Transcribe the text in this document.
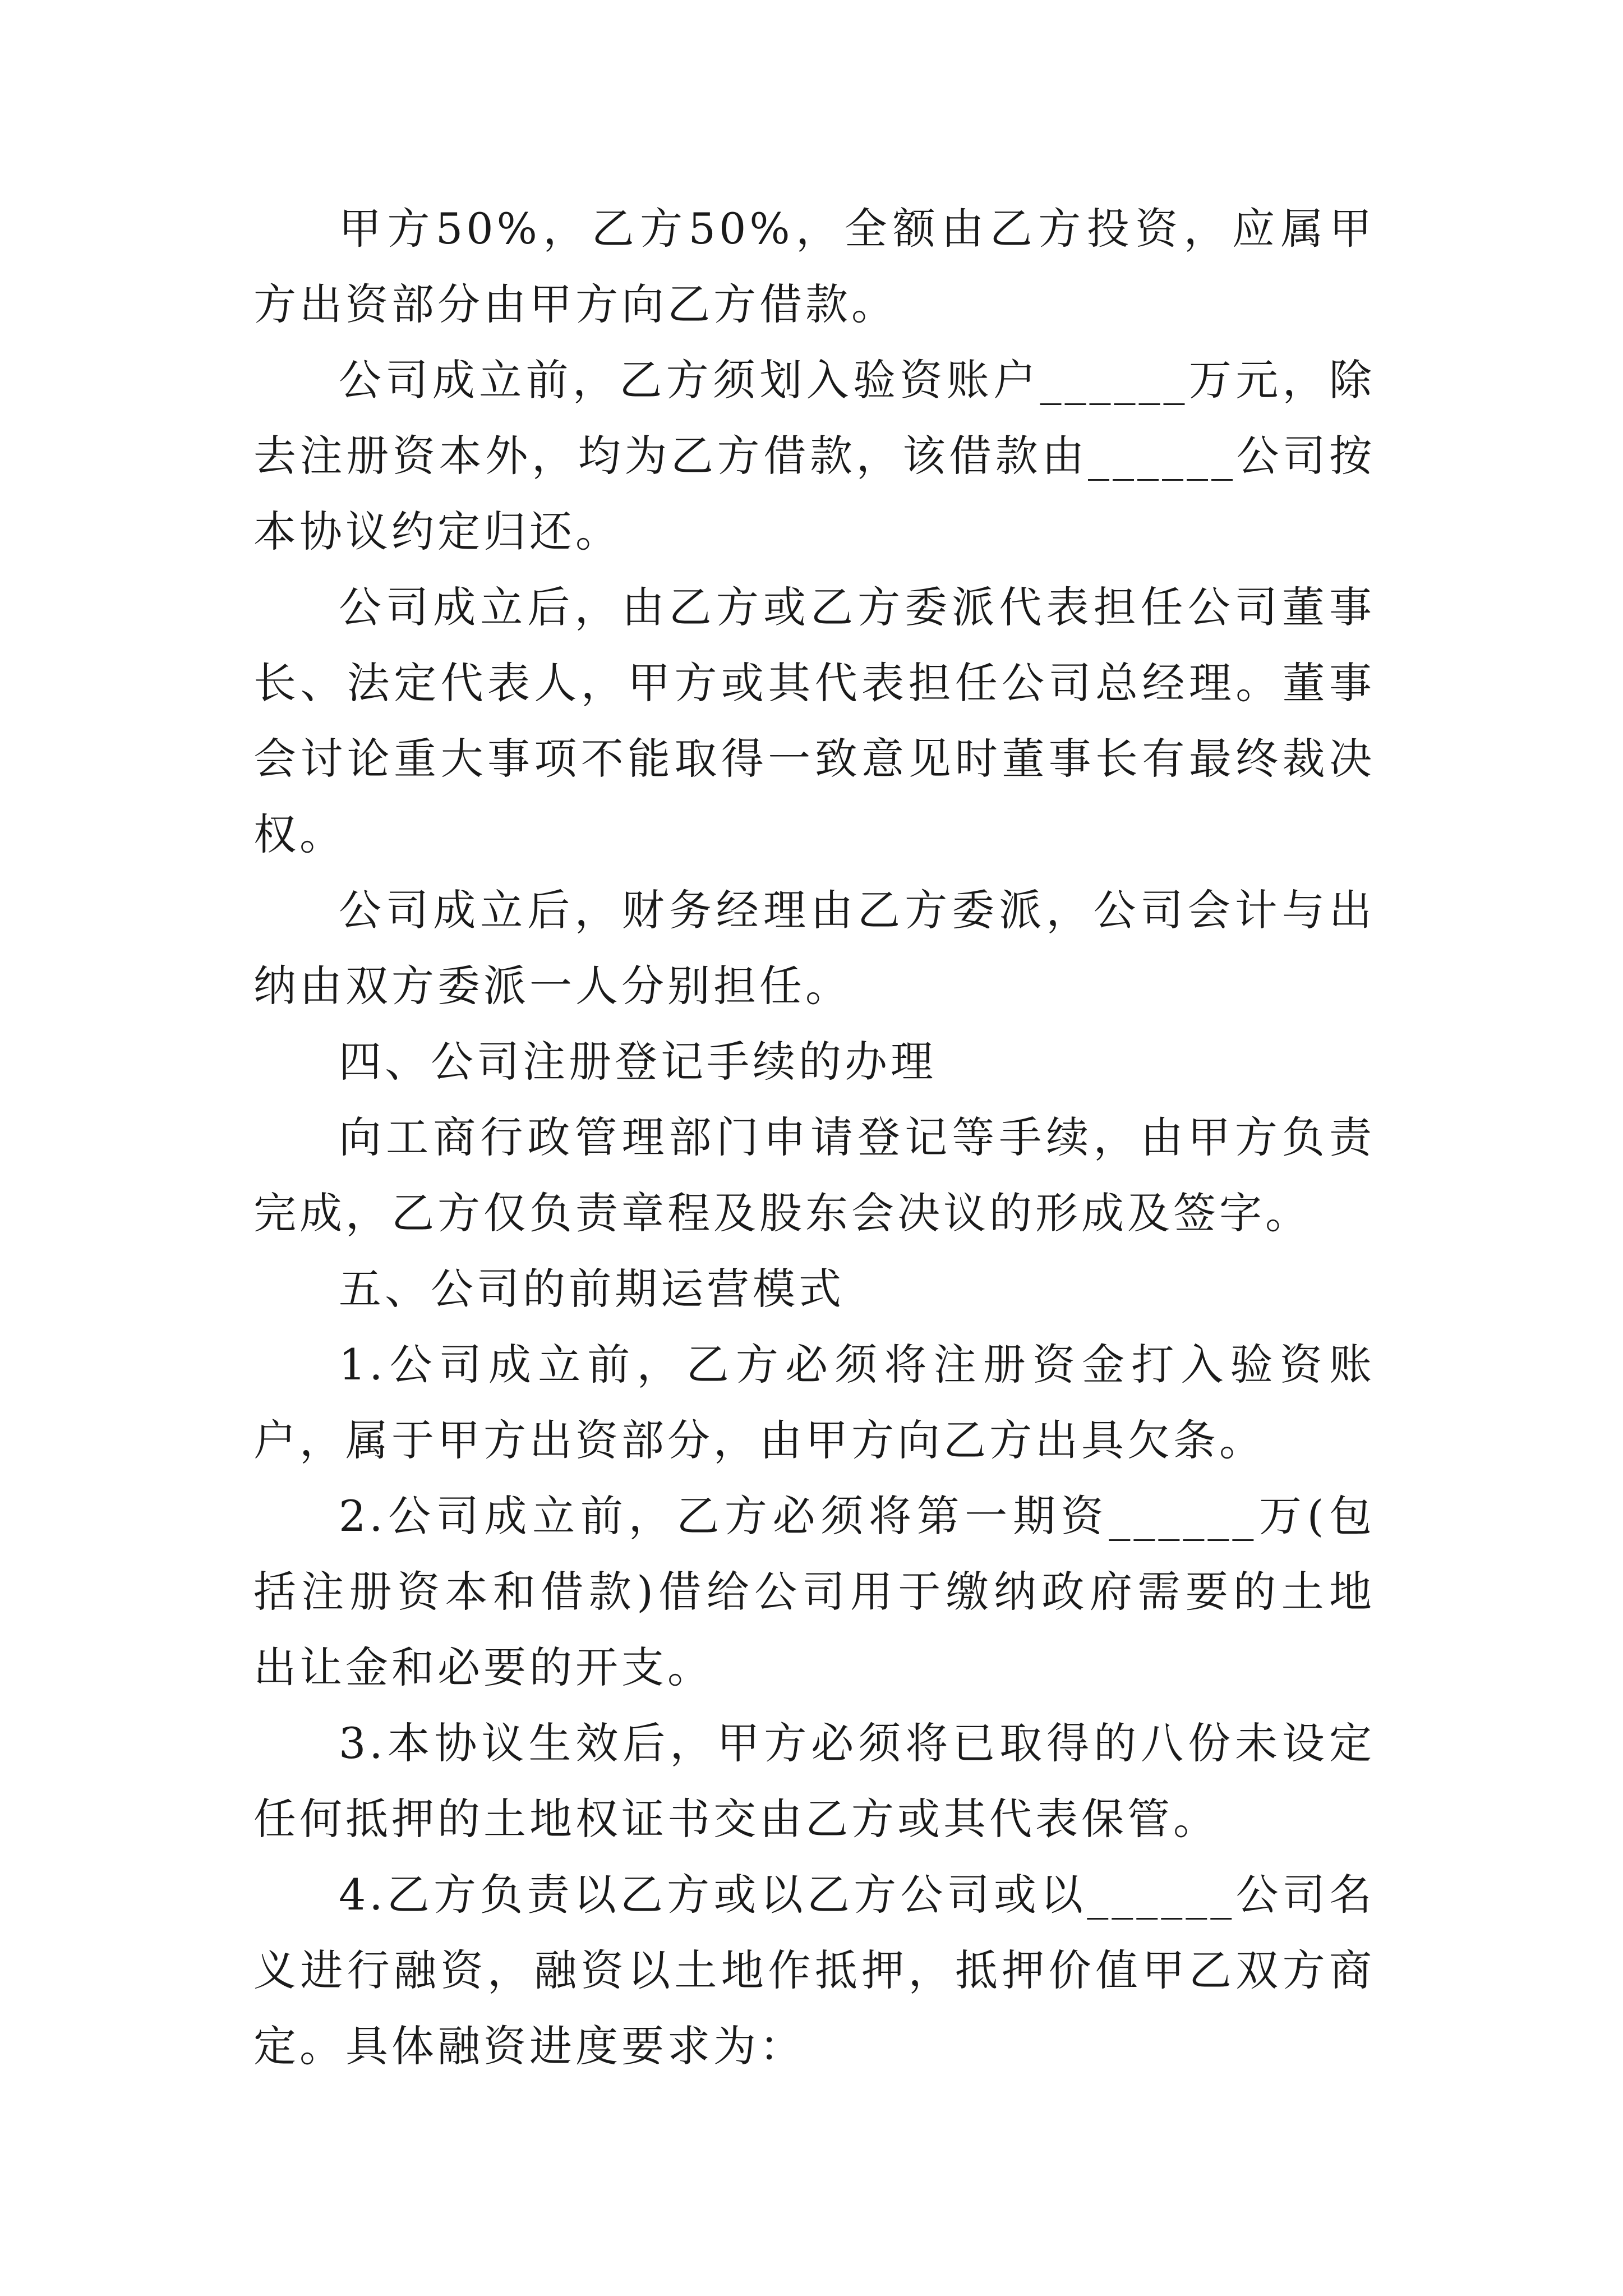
甲方50%，乙方50%，全额由乙方投资，应属甲方出资部分由甲方向乙方借款。

公司成立前，乙方须划入验资账户______万元，除去注册资本外，均为乙方借款，该借款由______公司按本协议约定归还。

公司成立后，由乙方或乙方委派代表担任公司董事长、法定代表人，甲方或其代表担任公司总经理。董事会讨论重大事项不能取得一致意见时董事长有最终裁决权。

公司成立后，财务经理由乙方委派，公司会计与出纳由双方委派一人分别担任。

四、公司注册登记手续的办理

向工商行政管理部门申请登记等手续，由甲方负责完成，乙方仅负责章程及股东会决议的形成及签字。

五、公司的前期运营模式

1.公司成立前，乙方必须将注册资金打入验资账户，属于甲方出资部分，由甲方向乙方出具欠条。

2.公司成立前，乙方必须将第一期资______万(包括注册资本和借款)借给公司用于缴纳政府需要的土地出让金和必要的开支。

3.本协议生效后，甲方必须将已取得的八份未设定任何抵押的土地权证书交由乙方或其代表保管。

4.乙方负责以乙方或以乙方公司或以______公司名义进行融资，融资以土地作抵押，抵押价值甲乙双方商定。具体融资进度要求为：
